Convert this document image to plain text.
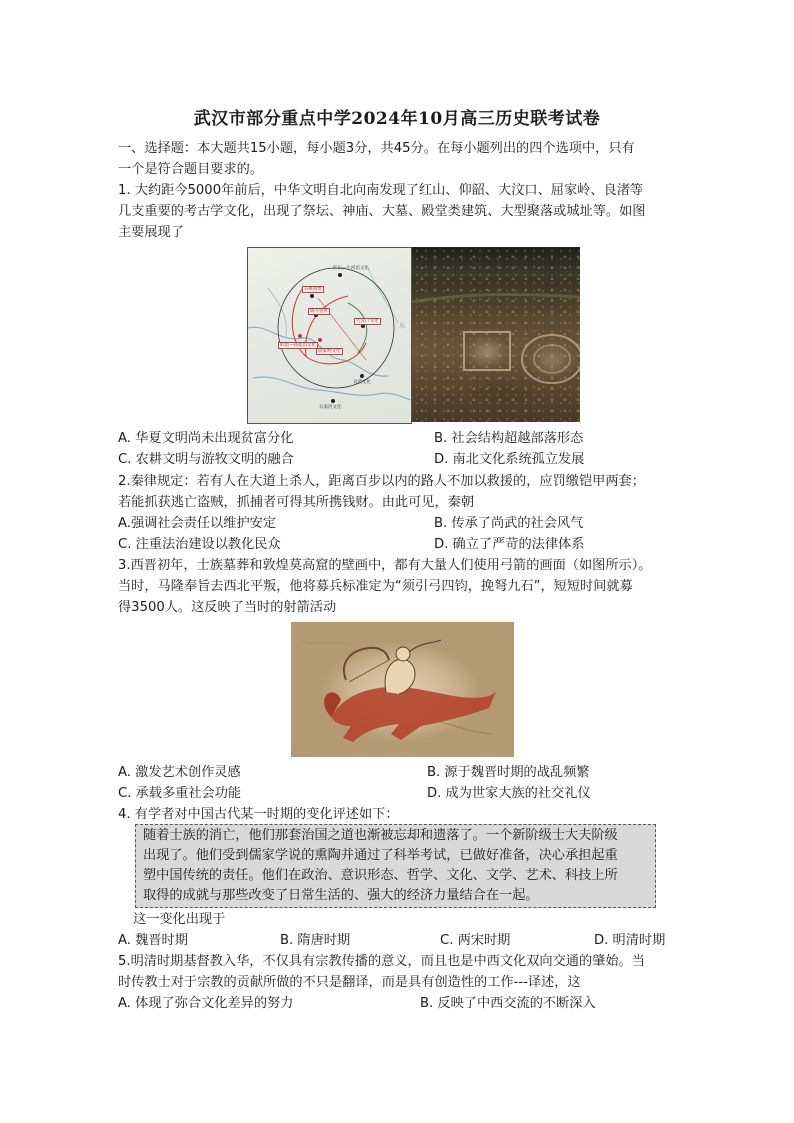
武汉市部分重点中学2024年10月高三历史联考试卷
一、选择题：本大题共15小题，每小题3分，共45分。在每小题列出的四个选项中，只有
一个是符合题目要求的。
1. 大约距今5000年前后，中华文明自北向南发现了红山、仰韶、大汶口、屈家岭、良渚等
几支重要的考古学文化，出现了祭坛、神庙、大墓、殿堂类建筑、大型聚落或城址等。如图
主要展现了
红山—小河沿文化
石峡遗址
陶寺遗址
大汶口文化
仰韶—庙底沟文化
屈家岭文化
良渚文化
石家河文化
东
A. 华夏文明尚未出现贫富分化	B. 社会结构超越部落形态
C. 农耕文明与游牧文明的融合	D. 南北文化系统孤立发展
2.秦律规定：若有人在大道上杀人，距离百步以内的路人不加以救援的，应罚缴铠甲两套；
若能抓获逃亡盗贼，抓捕者可得其所携钱财。由此可见，秦朝
A.强调社会责任以维护安定	B. 传承了尚武的社会风气
C. 注重法治建设以教化民众	D. 确立了严苛的法律体系
3.西晋初年，士族墓葬和敦煌莫高窟的壁画中，都有大量人们使用弓箭的画面（如图所示）。
当时，马隆奉旨去西北平叛，他将募兵标准定为“须引弓四钧，挽弩九石”，短短时间就募
得3500人。这反映了当时的射箭活动
A. 激发艺术创作灵感	B. 源于魏晋时期的战乱频繁
C. 承载多重社会功能	D. 成为世家大族的社交礼仪
4. 有学者对中国古代某一时期的变化评述如下：
随着士族的消亡，他们那套治国之道也渐被忘却和遗落了。一个新阶级士大夫阶级
出现了。他们受到儒家学说的熏陶并通过了科举考试，已做好准备，决心承担起重
塑中国传统的责任。他们在政治、意识形态、哲学、文化、文学、艺术、科技上所
取得的成就与那些改变了日常生活的、强大的经济力量结合在一起。
这一变化出现于
A. 魏晋时期	B. 隋唐时期	C. 两宋时期	D. 明清时期
5.明清时期基督教入华，不仅具有宗教传播的意义，而且也是中西文化双向交通的肇始。当
时传教士对于宗教的贡献所做的不只是翻译，而是具有创造性的工作---译述，这
A. 体现了弥合文化差异的努力	B. 反映了中西交流的不断深入
